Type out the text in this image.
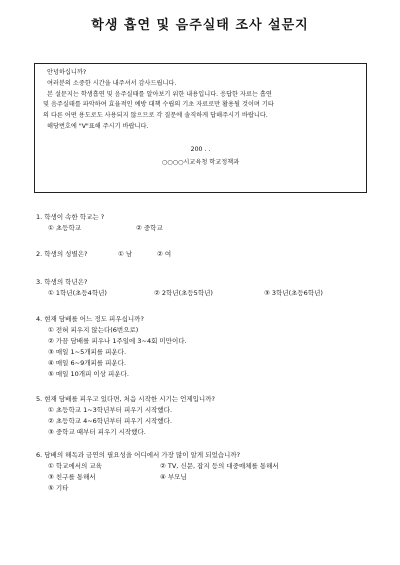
학생 흡연 및 음주실태 조사 설문지

안녕하십니까?

여러분의 소중한 시간을 내주셔서 감사드립니다.

본 설문지는 학생흡연 및 음주실태를 알아보기 위한 내용입니다. 응답한 자료는 흡연

및 음주실태를 파악하여 효율적인 예방 대책 수립의 기초 자료로만 활용될 것이며 기타

의 다른 어떤 용도로도 사용되지 않으므로 각 질문에 솔직하게 답해주시기 바랍니다.

해당번호에 "V"표해 주시기 바랍니다.

200 . .

○○○○시교육청 학교정책과

1. 학생이 속한 학교는 ?

① 초등학교	② 중학교

2. 학생의 성별은?	① 남	② 여

3. 학생의 학년은?

① 1학년(초등4학년)	② 2학년(초등5학년)	③ 3학년(초등6학년)

4. 현재 담배를 어느 정도 피우십니까?

① 전혀 피우지 않는다(6번으로)

② 가끔 담배를 피우나 1주일에 3~4회 미만이다.

③ 매일 1~5개피를 피운다.

④ 매일 6~9개피를 피운다.

⑤ 매일 10개피 이상 피운다.

5. 현재 담배를 피우고 있다면, 처음 시작한 시기는 언제입니까?

① 초등학교 1~3학년부터 피우기 시작했다.

② 초등학교 4~6학년부터 피우기 시작했다.

③ 중학교 때부터 피우기 시작했다.

6. 담배의 해독과 금연의 필요성을 어디에서 가장 많이 알게 되었습니까?

① 학교에서의 교육	② TV, 신문, 잡지 등의 대중매체를 통해서

③ 친구를 통해서	④ 부모님

⑤ 기타
